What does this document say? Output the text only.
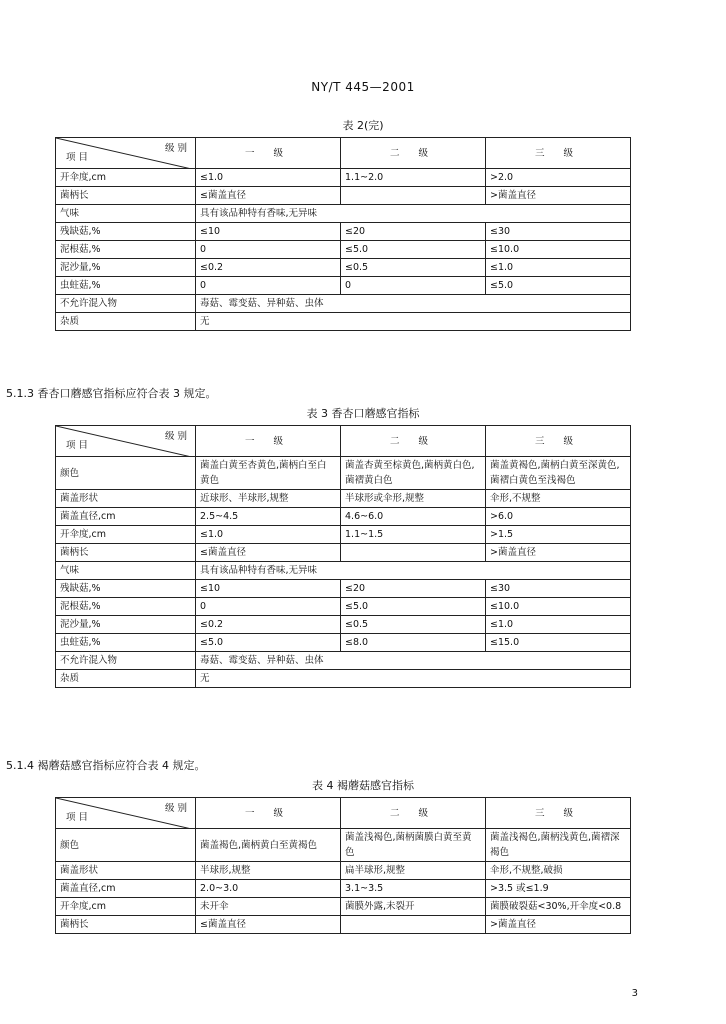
NY/T 445—2001
表 2(完)
级 别
项 目	一 级	二 级	三 级
开伞度,cm	≤1.0	1.1~2.0	>2.0
菌柄长	≤菌盖直径		>菌盖直径
气味	具有该品种特有香味,无异味		
残缺菇,%	≤10	≤20	≤30
泥根菇,%	0	≤5.0	≤10.0
泥沙量,%	≤0.2	≤0.5	≤1.0
虫蛀菇,%	0	0	≤5.0
不允许混入物	毒菇、霉变菇、异种菇、虫体		
杂质	无		
5.1.3 香杏口蘑感官指标应符合表 3 规定。
表 3 香杏口蘑感官指标
级 别
项 目	一 级	二 级	三 级
颜色	菌盖白黄至杏黄色,菌柄白至白黄色	菌盖杏黄至棕黄色,菌柄黄白色,菌褶黄白色	菌盖黄褐色,菌柄白黄至深黄色,菌褶白黄色至浅褐色
菌盖形状	近球形、半球形,规整	半球形或伞形,规整	伞形,不规整
菌盖直径,cm	2.5~4.5	4.6~6.0	>6.0
开伞度,cm	≤1.0	1.1~1.5	>1.5
菌柄长	≤菌盖直径		>菌盖直径
气味	具有该品种特有香味,无异味		
残缺菇,%	≤10	≤20	≤30
泥根菇,%	0	≤5.0	≤10.0
泥沙量,%	≤0.2	≤0.5	≤1.0
虫蛀菇,%	≤5.0	≤8.0	≤15.0
不允许混入物	毒菇、霉变菇、异种菇、虫体		
杂质	无		
5.1.4 褐蘑菇感官指标应符合表 4 规定。
表 4 褐蘑菇感官指标
级 别
项 目	一 级	二 级	三 级
颜色	菌盖褐色,菌柄黄白至黄褐色	菌盖浅褐色,菌柄菌膜白黄至黄色	菌盖浅褐色,菌柄浅黄色,菌褶深褐色
菌盖形状	半球形,规整	扁半球形,规整	伞形,不规整,破损
菌盖直径,cm	2.0~3.0	3.1~3.5	>3.5 或≤1.9
开伞度,cm	未开伞	菌膜外露,未裂开	菌膜破裂菇<30%,开伞度<0.8
菌柄长	≤菌盖直径		>菌盖直径
3
